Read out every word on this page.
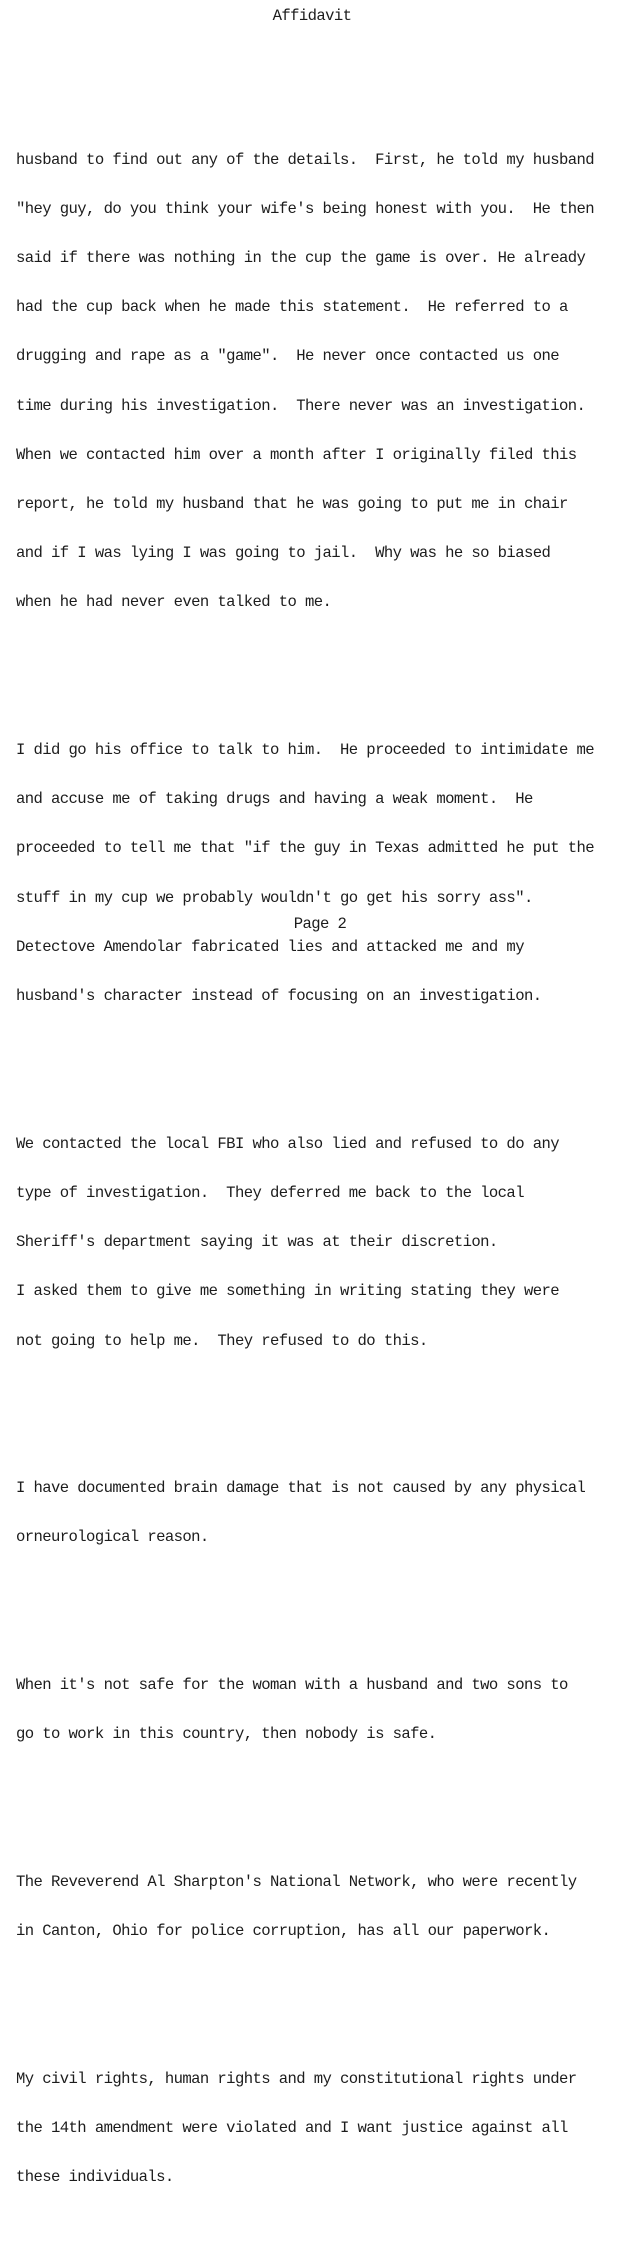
Affidavit

husband to find out any of the details.  First, he told my husband

"hey guy, do you think your wife's being honest with you.  He then

said if there was nothing in the cup the game is over. He already

had the cup back when he made this statement.  He referred to a

drugging and rape as a "game".  He never once contacted us one

time during his investigation.  There never was an investigation.

When we contacted him over a month after I originally filed this

report, he told my husband that he was going to put me in chair

and if I was lying I was going to jail.  Why was he so biased

when he had never even talked to me.

I did go his office to talk to him.  He proceeded to intimidate me

and accuse me of taking drugs and having a weak moment.  He

proceeded to tell me that "if the guy in Texas admitted he put the

stuff in my cup we probably wouldn't go get his sorry ass".

Detectove Amendolar fabricated lies and attacked me and my

husband's character instead of focusing on an investigation.

We contacted the local FBI who also lied and refused to do any

type of investigation.  They deferred me back to the local

Sheriff's department saying it was at their discretion.

I asked them to give me something in writing stating they were

not going to help me.  They refused to do this.

I have documented brain damage that is not caused by any physical

orneurological reason.

When it's not safe for the woman with a husband and two sons to

go to work in this country, then nobody is safe.

The Reveverend Al Sharpton's National Network, who were recently

in Canton, Ohio for police corruption, has all our paperwork.

My civil rights, human rights and my constitutional rights under

the 14th amendment were violated and I want justice against all

these individuals.

Page 2
